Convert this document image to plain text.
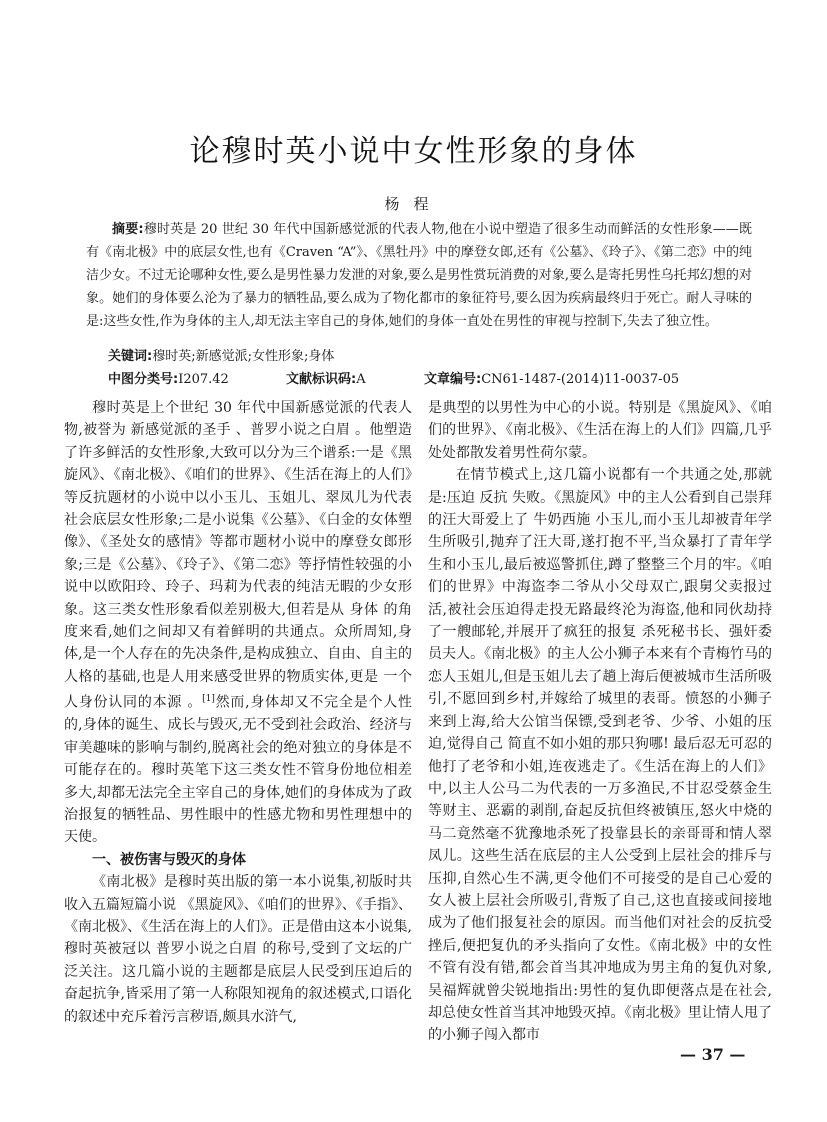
论穆时英小说中女性形象的身体

杨程

摘要:穆时英是 20 世纪 30 年代中国新感觉派的代表人物,他在小说中塑造了很多生动而鲜活的女性形象——既有《南北极》中的底层女性,也有《Craven “A”》、《黑牡丹》中的摩登女郎,还有《公墓》、《玲子》、《第二恋》中的纯洁少女。不过无论哪种女性,要么是男性暴力发泄的对象,要么是男性赏玩消费的对象,要么是寄托男性乌托邦幻想的对象。她们的身体要么沦为了暴力的牺牲品,要么成为了物化都市的象征符号,要么因为疾病最终归于死亡。耐人寻味的是:这些女性,作为身体的主人,却无法主宰自己的身体,她们的身体一直处在男性的审视与控制下,失去了独立性。

关键词:穆时英;新感觉派;女性形象;身体

中图分类号:I207.42	文献标识码:A	文章编号:CN61-1487-(2014)11-0037-05

穆时英是上个世纪 30 年代中国新感觉派的代表人物,被誉为 新感觉派的圣手 、普罗小说之白眉 。他塑造了许多鲜活的女性形象,大致可以分为三个谱系:一是《黑旋风》、《南北极》、《咱们的世界》、《生活在海上的人们》等反抗题材的小说中以小玉儿、玉姐儿、翠凤儿为代表社会底层女性形象;二是小说集《公墓》、《白金的女体塑像》、《圣处女的感情》等都市题材小说中的摩登女郎形象;三是《公墓》、《玲子》、《第二恋》等抒情性较强的小说中以欧阳玲、玲子、玛莉为代表的纯洁无暇的少女形象。这三类女性形象看似差别极大,但若是从 身体 的角度来看,她们之间却又有着鲜明的共通点。众所周知,身体,是一个人存在的先决条件,是构成独立、自由、自主的人格的基础,也是人用来感受世界的物质实体,更是 一个人身份认同的本源 。[1]然而,身体却又不完全是个人性的,身体的诞生、成长与毁灭,无不受到社会政治、经济与审美趣味的影响与制约,脱离社会的绝对独立的身体是不可能存在的。穆时英笔下这三类女性不管身份地位相差多大,却都无法完全主宰自己的身体,她们的身体成为了政治报复的牺牲品、男性眼中的性感尤物和男性理想中的天使。

一、被伤害与毁灭的身体

《南北极》是穆时英出版的第一本小说集,初版时共收入五篇短篇小说 《黑旋风》、《咱们的世界》、《手指》、《南北极》、《生活在海上的人们》。正是借由这本小说集,穆时英被冠以 普罗小说之白眉 的称号,受到了文坛的广泛关注。这几篇小说的主题都是底层人民受到压迫后的奋起抗争,皆采用了第一人称限知视角的叙述模式,口语化的叙述中充斥着污言秽语,颇具水浒气,

是典型的以男性为中心的小说。特别是《黑旋风》、《咱们的世界》、《南北极》、《生活在海上的人们》四篇,几乎处处都散发着男性荷尔蒙。

在情节模式上,这几篇小说都有一个共通之处,那就是:压迫 反抗 失败。《黑旋风》中的主人公看到自己崇拜的汪大哥爱上了 牛奶西施 小玉儿,而小玉儿却被青年学生所吸引,抛弃了汪大哥,遂打抱不平,当众暴打了青年学生和小玉儿,最后被巡警抓住,蹲了整整三个月的牢。《咱们的世界》中海盗李二爷从小父母双亡,跟舅父卖报过活,被社会压迫得走投无路最终沦为海盗,他和同伙劫持了一艘邮轮,并展开了疯狂的报复 杀死秘书长、强奸委员夫人。《南北极》的主人公小狮子本来有个青梅竹马的恋人玉姐儿,但是玉姐儿去了趟上海后便被城市生活所吸引,不愿回到乡村,并嫁给了城里的表哥。愤怒的小狮子来到上海,给大公馆当保镖,受到老爷、少爷、小姐的压迫,觉得自己 简直不如小姐的那只狗哪! 最后忍无可忍的他打了老爷和小姐,连夜逃走了。《生活在海上的人们》中,以主人公马二为代表的一万多渔民,不甘忍受蔡金生等财主、恶霸的剥削,奋起反抗但终被镇压,怒火中烧的马二竟然毫不犹豫地杀死了投靠县长的亲哥哥和情人翠凤儿。这些生活在底层的主人公受到上层社会的排斥与压抑,自然心生不满,更令他们不可接受的是自己心爱的女人被上层社会所吸引,背叛了自己,这也直接或间接地成为了他们报复社会的原因。而当他们对社会的反抗受挫后,便把复仇的矛头指向了女性。《南北极》中的女性不管有没有错,都会首当其冲地成为男主角的复仇对象,吴福辉就曾尖锐地指出:男性的复仇即便落点是在社会,却总使女性首当其冲地毁灭掉。《南北极》里让情人甩了的小狮子闯入都市

— 37 —
